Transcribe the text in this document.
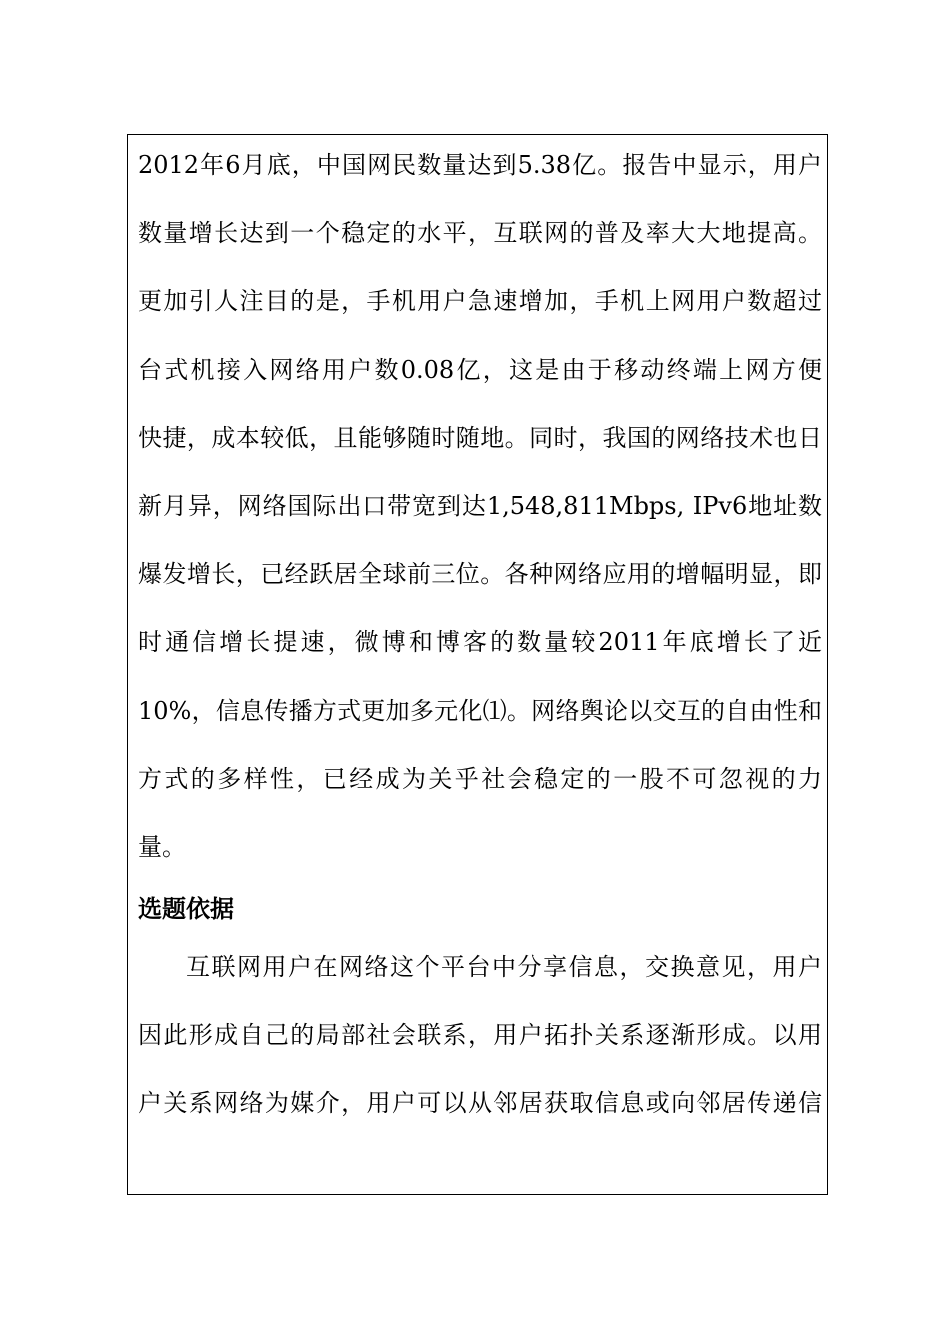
2012年6月底，中国网民数量达到5.38亿。报告中显示，用户
数量增长达到一个稳定的水平，互联网的普及率大大地提高。
更加引人注目的是，手机用户急速增加，手机上网用户数超过
台式机接入网络用户数0.08亿，这是由于移动终端上网方便
快捷，成本较低，且能够随时随地。同时，我国的网络技术也日
新月异，网络国际出口带宽到达1,548,811Mbps, IPv6地址数
爆发增长，已经跃居全球前三位。各种网络应用的增幅明显，即
时通信增长提速，微博和博客的数量较2011年底增长了近
10%，信息传播方式更加多元化⑴。网络舆论以交互的自由性和
方式的多样性，已经成为关乎社会稳定的一股不可忽视的力
量。
选题依据
互联网用户在网络这个平台中分享信息，交换意见，用户
因此形成自己的局部社会联系，用户拓扑关系逐渐形成。以用
户关系网络为媒介，用户可以从邻居获取信息或向邻居传递信
